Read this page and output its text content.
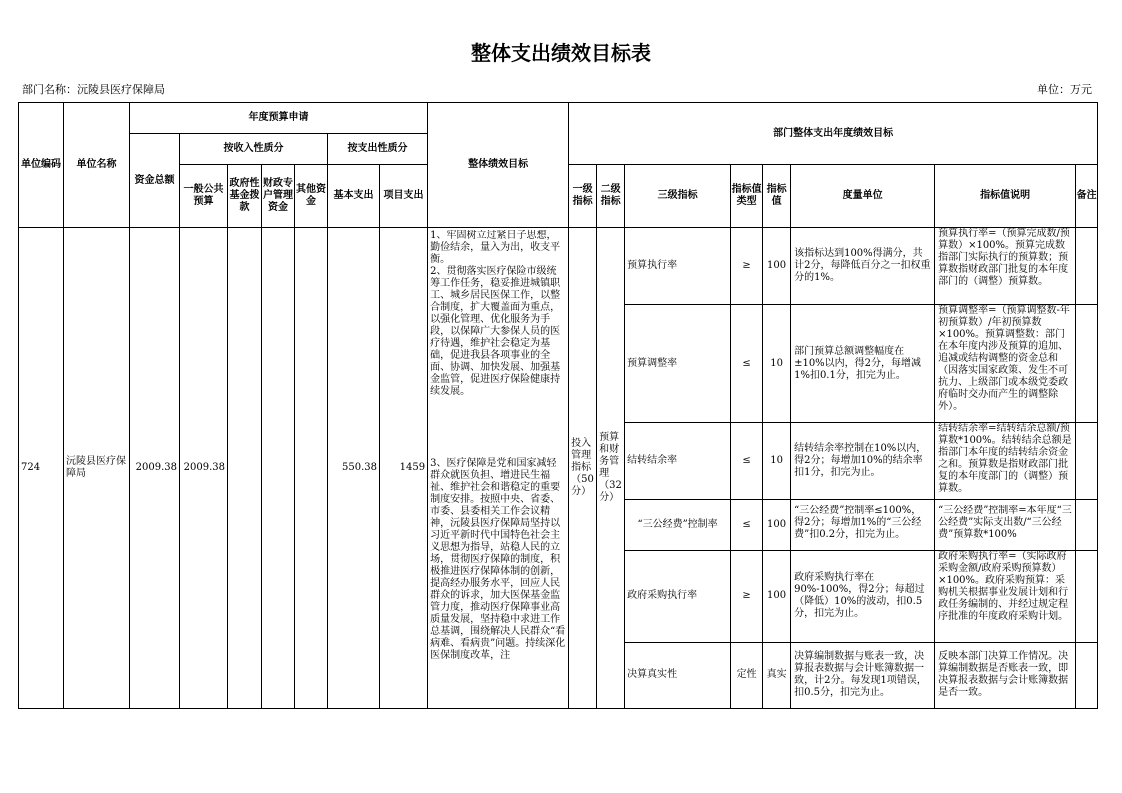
整体支出绩效目标表
部门名称：沅陵县医疗保障局	单位：万元
单位编码	单位名称	年度预算申请							整体绩效目标	部门整体支出年度绩效目标							
		资金总额	按收入性质分				按支出性质分										
			一般公共预算	政府性基金拨款	财政专户管理资金	其他资金	基本支出	项目支出		一级指标	二级指标	三级指标	指标值类型	指标值	度量单位	指标值说明	备注

724	沅陵县医疗保障局	2009.38	2009.38				550.38	1459	1、牢固树立过紧日子思想，勤俭结余，量入为出，收支平衡。
2、贯彻落实医疗保险市级统筹工作任务，稳妥推进城镇职工、城乡居民医保工作，以整合制度，扩大覆盖面为重点，以强化管理、优化服务为手段，以保障广大参保人员的医疗待遇，维护社会稳定为基础，促进我县各项事业的全面、协调、加快发展、加强基金监管，促进医疗保险健康持续发展。

3、医疗保障是党和国家减轻群众就医负担、增进民生福祉、维护社会和谐稳定的重要制度安排。按照中央、省委、市委、县委相关工作会议精神，沅陵县医疗保障局坚持以习近平新时代中国特色社会主义思想为指导，站稳人民的立场，贯彻医疗保障的制度，积极推进医疗保障体制的创新，提高经办服务水平，回应人民群众的诉求，加大医保基金监管力度，推动医疗保障事业高质量发展，坚持稳中求进工作总基调，围绕解决人民群众“看病难、看病贵”问题。持续深化医保制度改革，注	投入管理指标（50分）	预算和财务管理（32分）	预算执行率	≥	100	该指标达到100%得满分，共计2分，每降低百分之一扣权重分的1%。	预算执行率=（预算完成数/预算数）×100%。预算完成数指部门实际执行的预算数；预算数指财政部门批复的本年度部门的（调整）预算数。	

												预算调整率	≤	10	部门预算总额调整幅度在±10%以内，得2分，每增减1%扣0.1分，扣完为止。	预算调整率=（预算调整数-年初预算数）/年初预算数×100%。预算调整数：部门在本年度内涉及预算的追加、追减或结构调整的资金总和（因落实国家政策、发生不可抗力、上级部门或本级党委政府临时交办而产生的调整除外）。	

												结转结余率	≤	10	结转结余率控制在10%以内，得2分；每增加10%的结余率扣1分，扣完为止。	结转结余率=结转结余总额/预算数*100%。结转结余总额是指部门本年度的结转结余资金之和。预算数是指财政部门批复的本年度部门的（调整）预算数。	

												“三公经费”控制率	≤	100	“三公经费”控制率≤100%，得2分；每增加1%的“三公经费”扣0.2分，扣完为止。	“三公经费”控制率=本年度“三公经费”实际支出数/“三公经费”预算数*100%	

												政府采购执行率	≥	100	政府采购执行率在90%-100%，得2分；每超过（降低）10%的波动，扣0.5分，扣完为止。	政府采购执行率=（实际政府采购金额/政府采购预算数）×100%。政府采购预算：采购机关根据事业发展计划和行政任务编制的、并经过规定程序批准的年度政府采购计划。	

												决算真实性	定性	真实	决算编制数据与账表一致，决算报表数据与会计账簿数据一致，计2分。每发现1项错误，扣0.5分，扣完为止。	反映本部门决算工作情况。决算编制数据是否账表一致，即决算报表数据与会计账簿数据是否一致。	
